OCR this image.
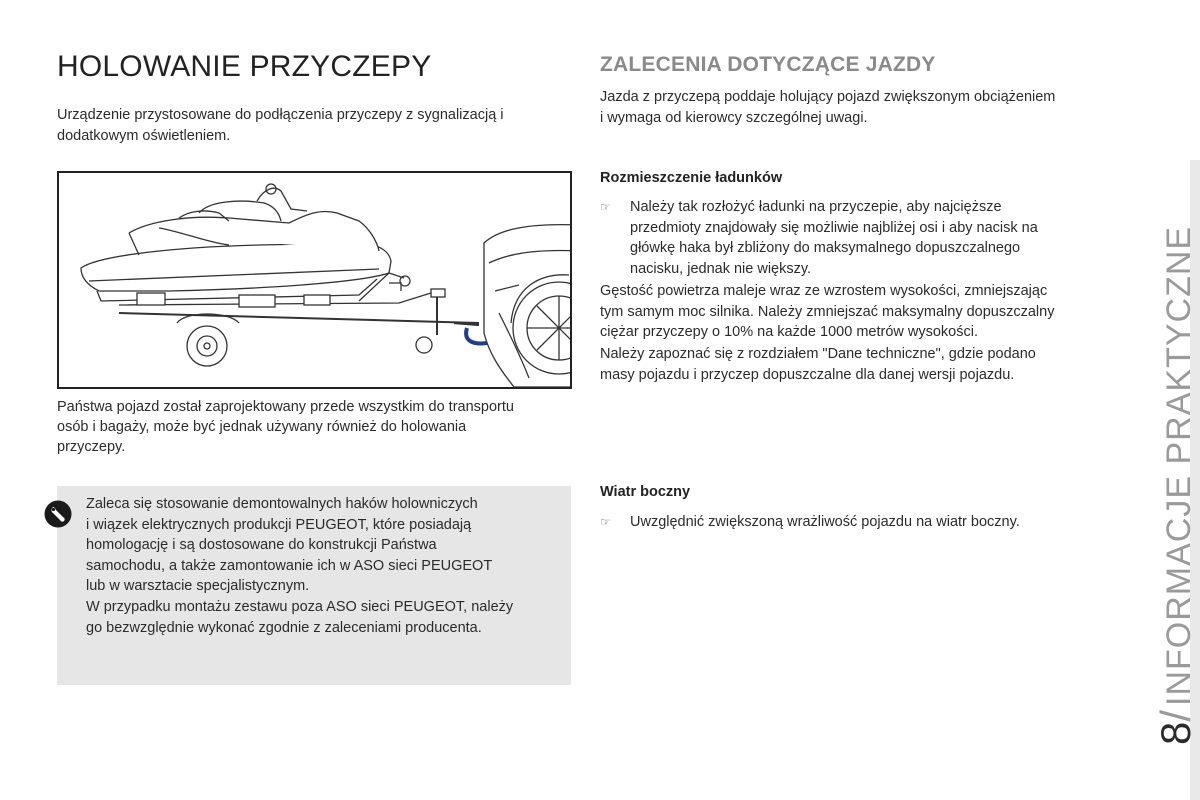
HOLOWANIE PRZYCZEPY
Urządzenie przystosowane do podłączenia przyczepy z sygnalizacją i
dodatkowym oświetleniem.
Państwa pojazd został zaprojektowany przede wszystkim do transportu
osób i bagaży, może być jednak używany również do holowania
przyczepy.
Zaleca się stosowanie demontowalnych haków holowniczych
i wiązek elektrycznych produkcji PEUGEOT, które posiadają
homologację i są dostosowane do konstrukcji Państwa
samochodu, a także zamontowanie ich w ASO sieci PEUGEOT
lub w warsztacie specjalistycznym.
W przypadku montażu zestawu poza ASO sieci PEUGEOT, należy
go bezwzględnie wykonać zgodnie z zaleceniami producenta.
ZALECENIA DOTYCZĄCE JAZDY
Jazda z przyczepą poddaje holujący pojazd zwiększonym obciążeniem
i wymaga od kierowcy szczególnej uwagi.
Rozmieszczenie ładunków
☞ Należy tak rozłożyć ładunki na przyczepie, aby najcięższe
przedmioty znajdowały się możliwie najbliżej osi i aby nacisk na
główkę haka był zbliżony do maksymalnego dopuszczalnego
nacisku, jednak nie większy.
Gęstość powietrza maleje wraz ze wzrostem wysokości, zmniejszając
tym samym moc silnika. Należy zmniejszać maksymalny dopuszczalny
ciężar przyczepy o 10% na każde 1000 metrów wysokości.
Należy zapoznać się z rozdziałem "Dane techniczne", gdzie podano
masy pojazdu i przyczep dopuszczalne dla danej wersji pojazdu.
Wiatr boczny
☞ Uwzględnić zwiększoną wrażliwość pojazdu na wiatr boczny.
8/INFORMACJE PRAKTYCZNE
